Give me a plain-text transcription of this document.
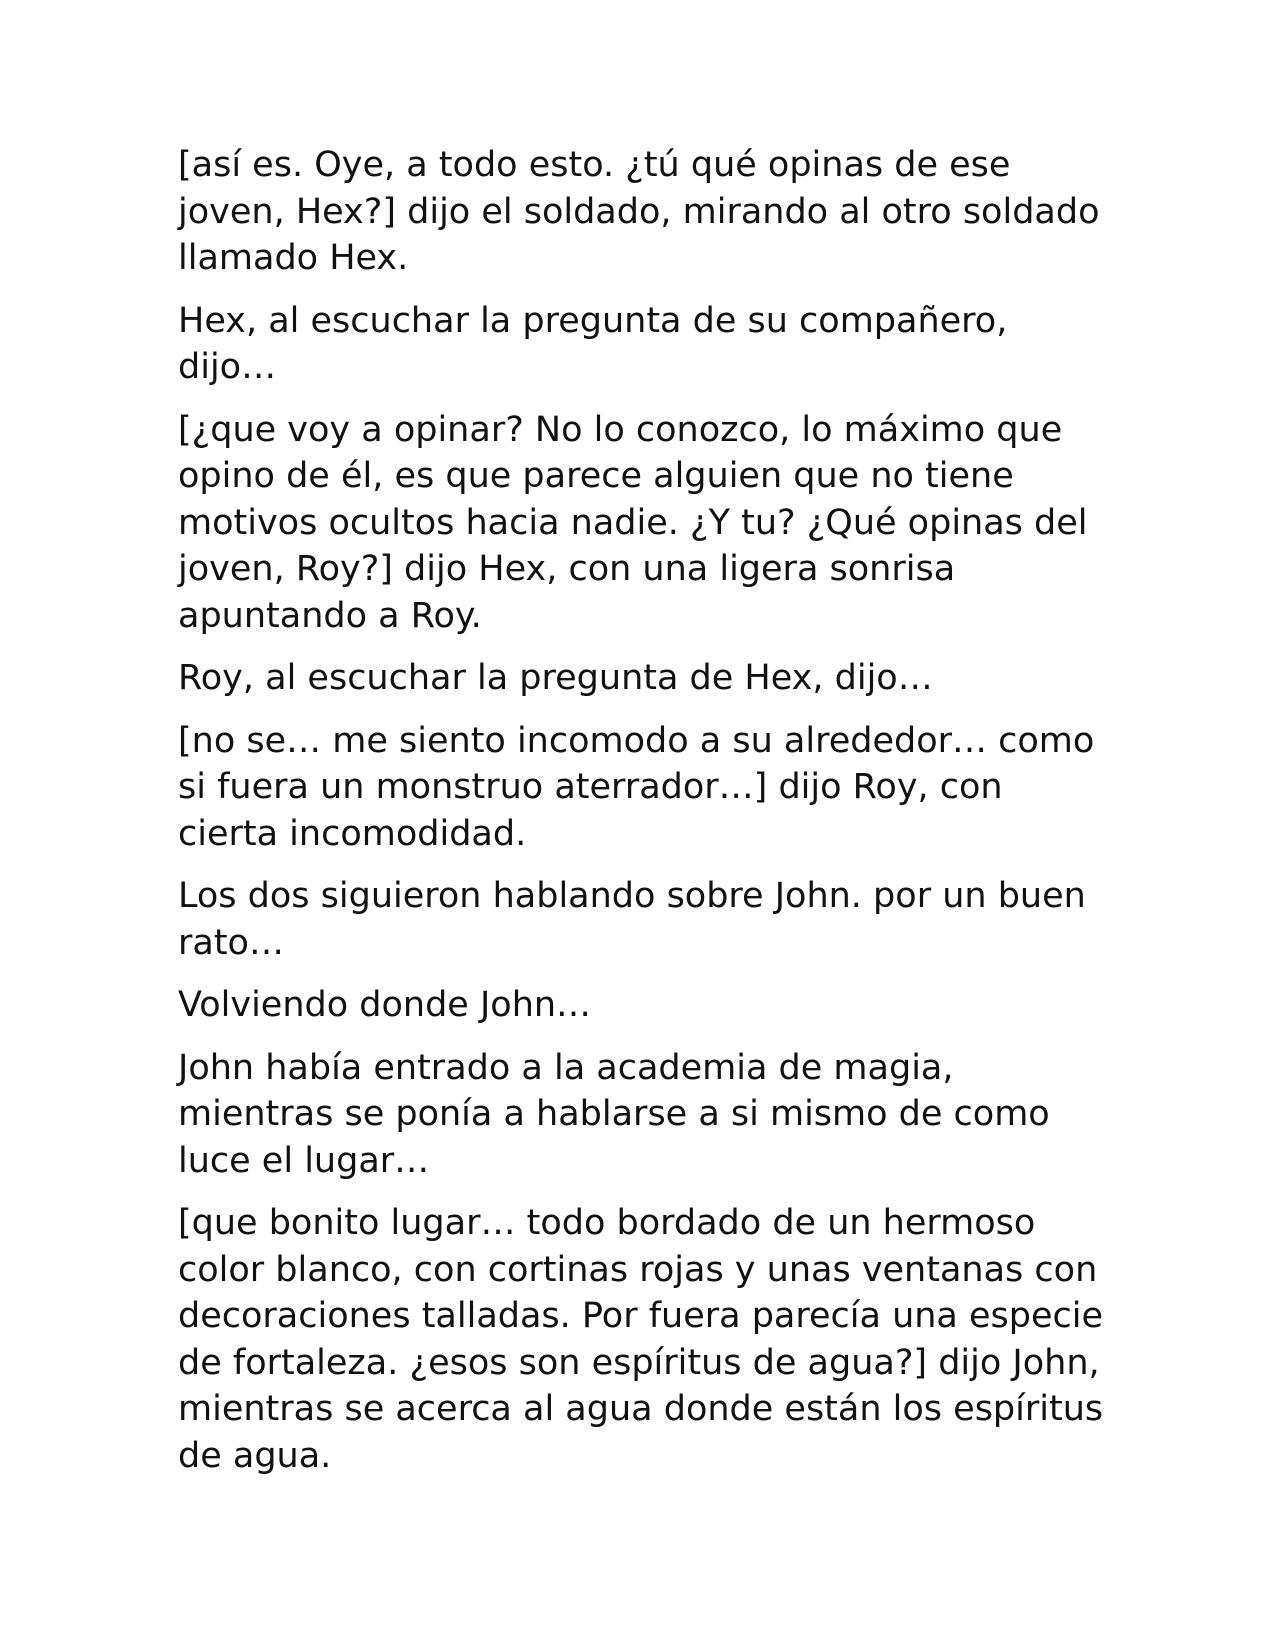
[así es. Oye, a todo esto. ¿tú qué opinas de ese joven, Hex?] dijo el soldado, mirando al otro soldado llamado Hex.

Hex, al escuchar la pregunta de su compañero, dijo…

[¿que voy a opinar? No lo conozco, lo máximo que opino de él, es que parece alguien que no tiene motivos ocultos hacia nadie. ¿Y tu? ¿Qué opinas del joven, Roy?] dijo Hex, con una ligera sonrisa apuntando a Roy.

Roy, al escuchar la pregunta de Hex, dijo…

[no se… me siento incomodo a su alrededor… como si fuera un monstruo aterrador…] dijo Roy, con cierta incomodidad.

Los dos siguieron hablando sobre John. por un buen rato…

Volviendo donde John…

John había entrado a la academia de magia, mientras se ponía a hablarse a si mismo de como luce el lugar…

[que bonito lugar… todo bordado de un hermoso color blanco, con cortinas rojas y unas ventanas con decoraciones talladas. Por fuera parecía una especie de fortaleza. ¿esos son espíritus de agua?] dijo John, mientras se acerca al agua donde están los espíritus de agua.
